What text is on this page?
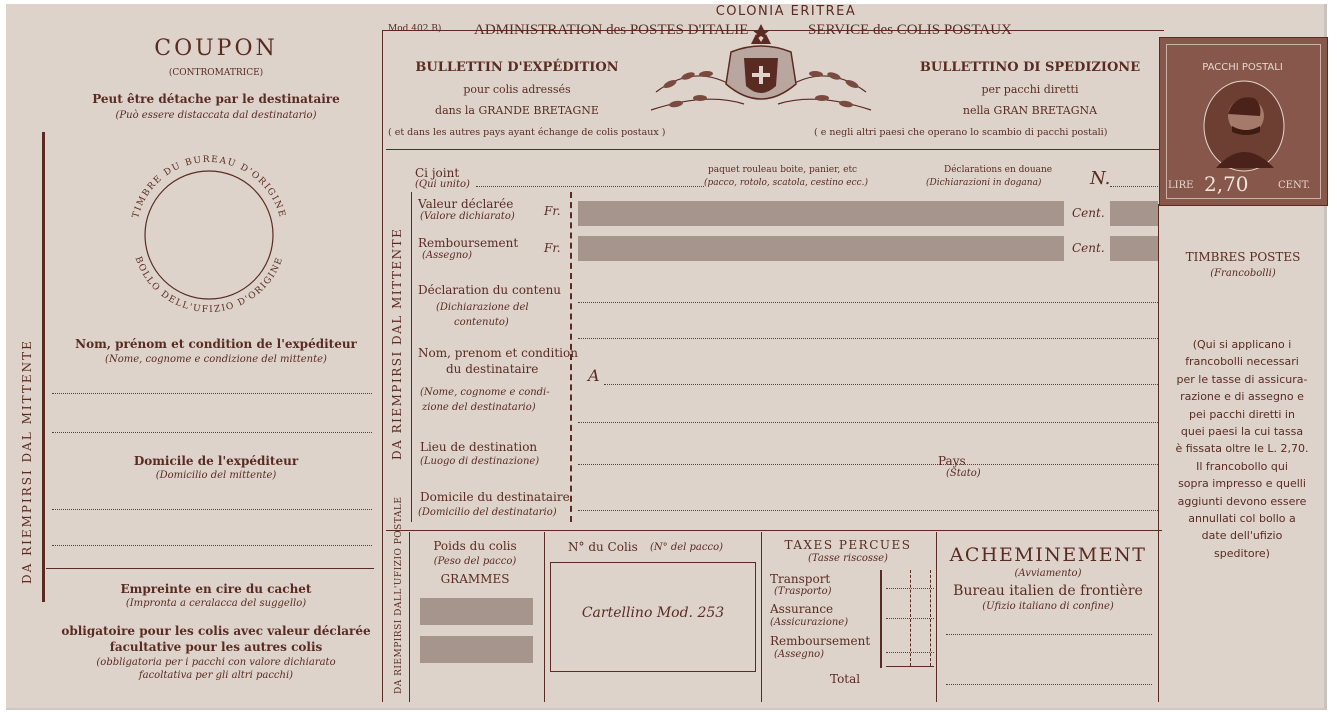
COUPON
(CONTROMATRICE)
Peut être détache par le destinataire
(Può essere distaccata dal destinatario)
DA RIEMPIRSI DAL MITTENTE
TIMBRE DU BUREAU D'ORIGINE
BOLLO DELL'UFIZIO D'ORIGINE
Nom, prénom et condition de l'expéditeur
(Nome, cognome e condizione del mittente)
Domicile de l'expéditeur
(Domicilio del mittente)
Empreinte en cire du cachet
(Impronta a ceralacca del suggello)
obligatoire pour les colis avec valeur déclarée
facultative pour les autres colis
(obbligatoria per i pacchi con valore dichiarato
facoltativa per gli altri pacchi)
COLONIA ERITREA
Mod 402 B) ADMINISTRATION des POSTES D'ITALIE	SERVICE des COLIS POSTAUX
BULLETTIN D'EXPÉDITION
pour colis adressés
dans la GRANDE BRETAGNE
( et dans les autres pays ayant échange de colis postaux )
BULLETTINO DI SPEDIZIONE
per pacchi diretti
nella GRAN BRETAGNA
( e negli altri paesi che operano lo scambio di pacchi postali)
PACCHI POSTALI
LIRE 2,70	CENT.
DA RIEMPIRSI DAL MITTENTE
Ci joint
(Qui unito)
paquet rouleau boite, panier, etc
(pacco, rotolo, scatola, cestino ecc.)
Déclarations en douane
(Dichiarazioni in dogana)	N.
Valeur déclarée
(Valore dichiarato) Fr.	Cent.
Remboursement
(Assegno)
Fr.	Cent.
Déclaration du contenu
(Dichiarazione del
contenuto)
Nom, prenom et condition
du destinataire
(Nome, cognome e condi-
zione del destinatario)
A
Lieu de destination
(Luogo di destinazione)	Pays
(Stato)
Domicile du destinataire
(Domicilio del destinatario)
DA RIEMPIRSI DALL'UFIZIO POSTALE	Poids du colis
(Peso del pacco)
GRAMMES
N° du Colis (N° del pacco)
Cartellino Mod. 253
TAXES PERCUES
(Tasse riscosse)
Transport
(Trasporto)
Assurance
(Assicurazione)
Remboursement
(Assegno)
Total
ACHEMINEMENT
(Avviamento)
Bureau italien de frontière
(Ufizio italiano di confine)
TIMBRES POSTES
(Francobolli)
(Qui si applicano i
francobolli necessari
per le tasse di assicura-
razione e di assegno e
pei pacchi diretti in
quei paesi la cui tassa
è fissata oltre le L. 2,70.
Il francobollo qui
sopra impresso e quelli
aggiunti devono essere
annullati col bollo a
date dell'ufizio
speditore)
